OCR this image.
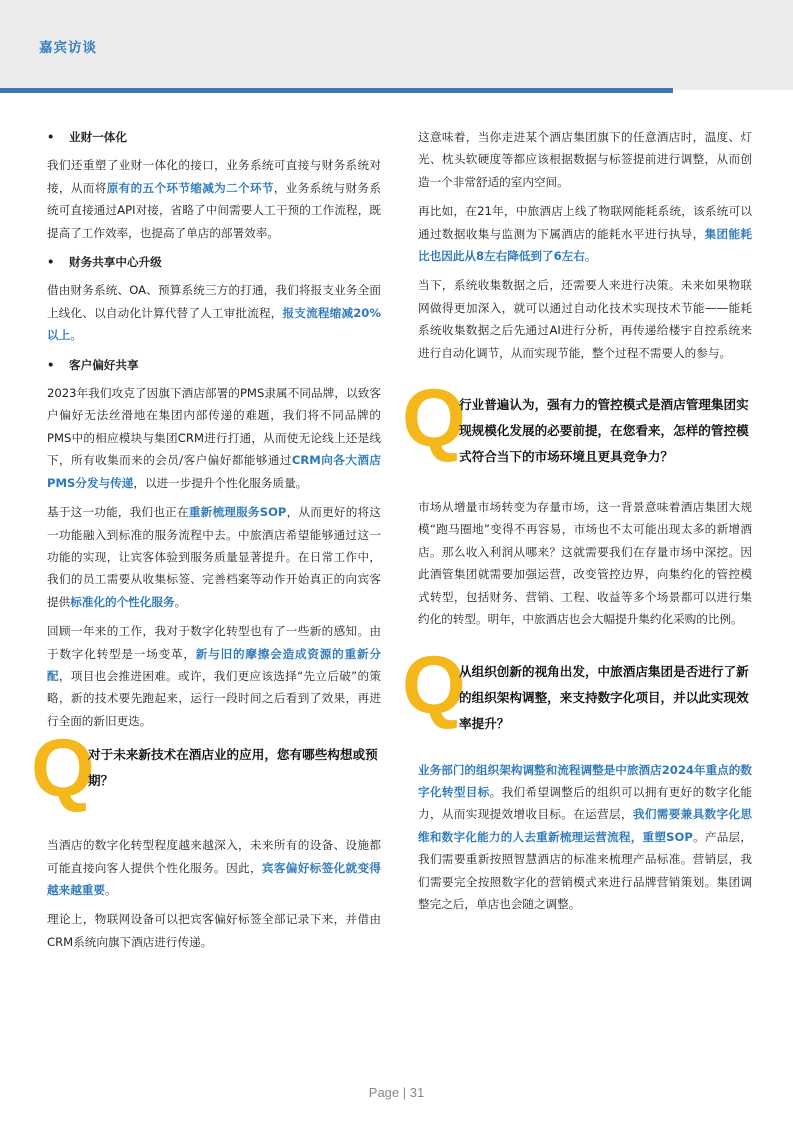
嘉宾访谈
• 业财一体化

我们还重塑了业财一体化的接口，业务系统可直接与财务系统对接，从而将原有的五个环节缩减为二个环节，业务系统与财务系统可直接通过API对接，省略了中间需要人工干预的工作流程，既提高了工作效率，也提高了单店的部署效率。

• 财务共享中心升级

借由财务系统、OA、预算系统三方的打通，我们将报支业务全面上线化、以自动化计算代替了人工审批流程，报支流程缩减20%以上。

• 客户偏好共享

2023年我们攻克了因旗下酒店部署的PMS隶属不同品牌，以致客户偏好无法丝滑地在集团内部传递的难题，我们将不同品牌的PMS中的相应模块与集团CRM进行打通，从而使无论线上还是线下，所有收集而来的会员/客户偏好都能够通过CRM向各大酒店PMS分发与传递，以进一步提升个性化服务质量。

基于这一功能，我们也正在重新梳理服务SOP，从而更好的将这一功能融入到标准的服务流程中去。中旅酒店希望能够通过这一功能的实现，让宾客体验到服务质量显著提升。在日常工作中，我们的员工需要从收集标签、完善档案等动作开始真正的向宾客提供标准化的个性化服务。

回顾一年来的工作，我对于数字化转型也有了一些新的感知。由于数字化转型是一场变革，新与旧的摩擦会造成资源的重新分配，项目也会推进困难。或许，我们更应该选择“先立后破”的策略，新的技术要先跑起来，运行一段时间之后看到了效果，再进行全面的新旧更迭。

Q
对于未来新技术在酒店业的应用，您有哪些构想或预期？

当酒店的数字化转型程度越来越深入，未来所有的设备、设施都可能直接向客人提供个性化服务。因此，宾客偏好标签化就变得越来越重要。

理论上，物联网设备可以把宾客偏好标签全部记录下来，并借由CRM系统向旗下酒店进行传递。

这意味着，当你走进某个酒店集团旗下的任意酒店时，温度、灯光、枕头软硬度等都应该根据数据与标签提前进行调整，从而创造一个非常舒适的室内空间。

再比如，在21年，中旅酒店上线了物联网能耗系统，该系统可以通过数据收集与监测为下属酒店的能耗水平进行执导，集团能耗比也因此从8左右降低到了6左右。

当下，系统收集数据之后，还需要人来进行决策。未来如果物联网做得更加深入，就可以通过自动化技术实现技术节能——能耗系统收集数据之后先通过AI进行分析，再传递给楼宇自控系统来进行自动化调节，从而实现节能，整个过程不需要人的参与。

Q
行业普遍认为，强有力的管控模式是酒店管理集团实现规模化发展的必要前提，在您看来，怎样的管控模式符合当下的市场环境且更具竞争力？

市场从增量市场转变为存量市场，这一背景意味着酒店集团大规模“跑马圈地”变得不再容易，市场也不太可能出现太多的新增酒店。那么收入利润从哪来？这就需要我们在存量市场中深挖。因此酒管集团就需要加强运营，改变管控边界，向集约化的管控模式转型，包括财务、营销、工程、收益等多个场景都可以进行集约化的转型。明年，中旅酒店也会大幅提升集约化采购的比例。

Q
从组织创新的视角出发，中旅酒店集团是否进行了新的组织架构调整，来支持数字化项目，并以此实现效率提升？

业务部门的组织架构调整和流程调整是中旅酒店2024年重点的数字化转型目标。我们希望调整后的组织可以拥有更好的数字化能力，从而实现提效增收目标。在运营层，我们需要兼具数字化思维和数字化能力的人去重新梳理运营流程，重塑SOP。产品层，我们需要重新按照智慧酒店的标准来梳理产品标准。营销层，我们需要完全按照数字化的营销模式来进行品牌营销策划。集团调整完之后，单店也会随之调整。

Page | 31
